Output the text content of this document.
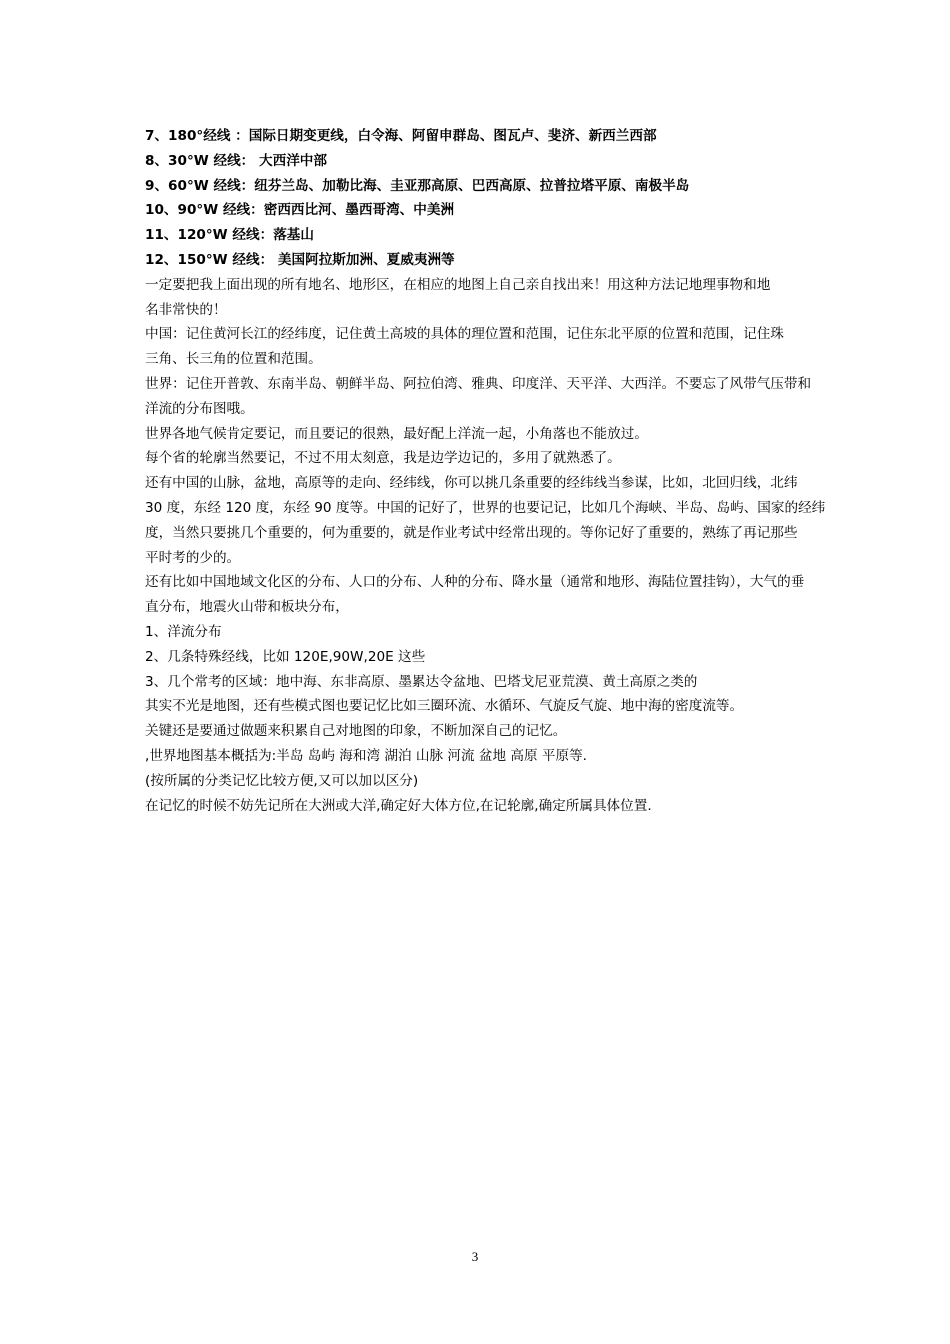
7、180°经线 ：国际日期变更线，白令海、阿留申群岛、图瓦卢、斐济、新西兰西部
8、30°W 经线： 大西洋中部
9、60°W 经线：纽芬兰岛、加勒比海、圭亚那高原、巴西高原、拉普拉塔平原、南极半岛
10、90°W 经线：密西西比河、墨西哥湾、中美洲
11、120°W 经线：落基山
12、150°W 经线： 美国阿拉斯加洲、夏威夷洲等
一定要把我上面出现的所有地名、地形区，在相应的地图上自己亲自找出来！用这种方法记地理事物和地
名非常快的！
中国：记住黄河长江的经纬度，记住黄土高坡的具体的理位置和范围，记住东北平原的位置和范围，记住珠
三角、长三角的位置和范围。
世界：记住开普敦、东南半岛、朝鲜半岛、阿拉伯湾、雅典、印度洋、天平洋、大西洋。不要忘了风带气压带和
洋流的分布图哦。
世界各地气候肯定要记，而且要记的很熟，最好配上洋流一起，小角落也不能放过。
每个省的轮廓当然要记，不过不用太刻意，我是边学边记的，多用了就熟悉了。
还有中国的山脉，盆地，高原等的走向、经纬线，你可以挑几条重要的经纬线当参谋，比如，北回归线，北纬
30 度，东经 120 度，东经 90 度等。中国的记好了，世界的也要记记，比如几个海峡、半岛、岛屿、国家的经纬
度，当然只要挑几个重要的，何为重要的，就是作业考试中经常出现的。等你记好了重要的，熟练了再记那些
平时考的少的。
还有比如中国地域文化区的分布、人口的分布、人种的分布、降水量（通常和地形、海陆位置挂钩），大气的垂
直分布，地震火山带和板块分布，
1、洋流分布
2、几条特殊经线，比如 120E,90W,20E 这些
3、几个常考的区域：地中海、东非高原、墨累达令盆地、巴塔戈尼亚荒漠、黄土高原之类的
其实不光是地图，还有些模式图也要记忆比如三圈环流、水循环、气旋反气旋、地中海的密度流等。
关键还是要通过做题来积累自己对地图的印象，不断加深自己的记忆。
,世界地图基本概括为:半岛 岛屿 海和湾 湖泊 山脉 河流 盆地 高原 平原等.
(按所属的分类记忆比较方便,又可以加以区分)
在记忆的时候不妨先记所在大洲或大洋,确定好大体方位,在记轮廓,确定所属具体位置.
3
